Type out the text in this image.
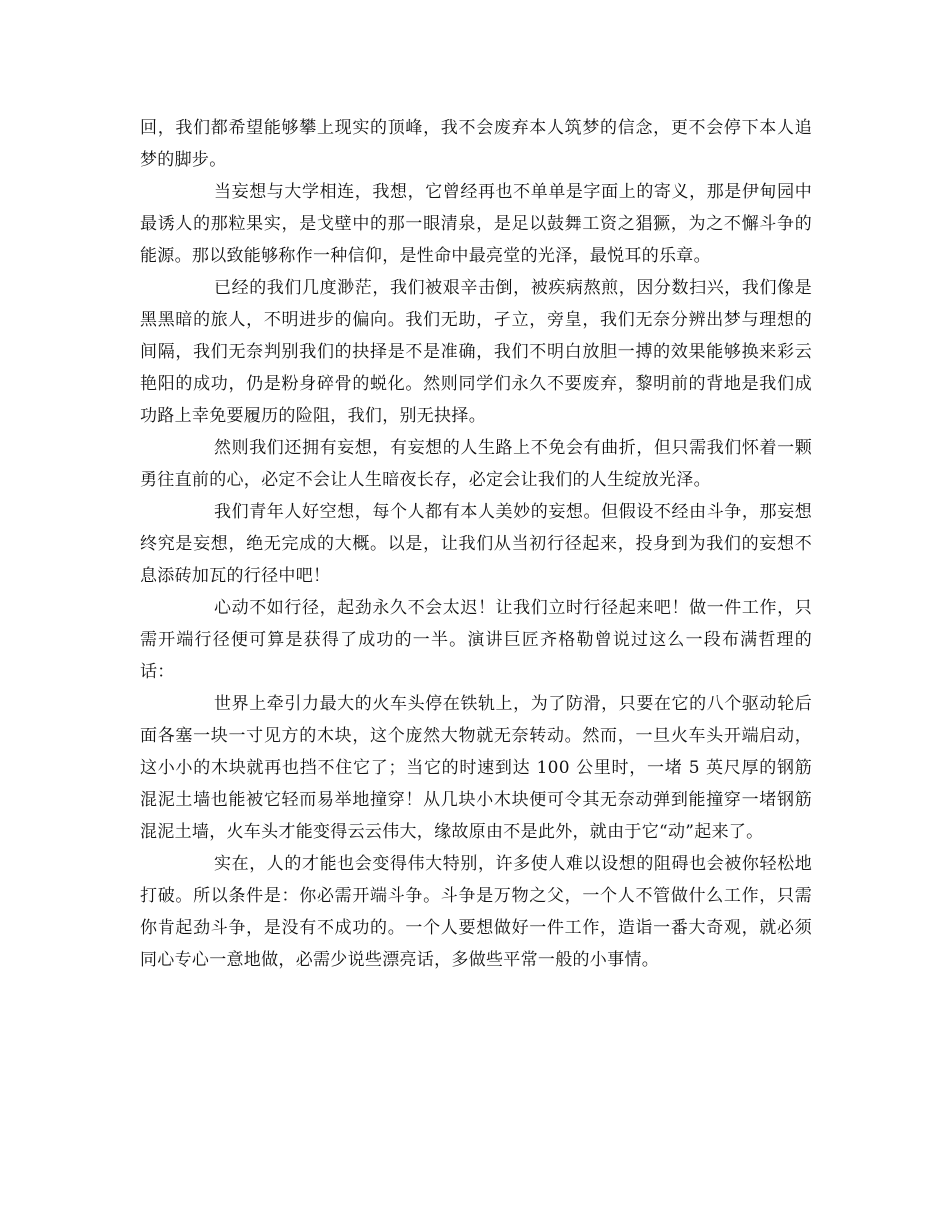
回，我们都希望能够攀上现实的顶峰，我不会废弃本人筑梦的信念，更不会停下本人追梦的脚步。

当妄想与大学相连，我想，它曾经再也不单单是字面上的寄义，那是伊甸园中最诱人的那粒果实，是戈壁中的那一眼清泉，是足以鼓舞工资之猖獗，为之不懈斗争的能源。那以致能够称作一种信仰，是性命中最亮堂的光泽，最悦耳的乐章。

已经的我们几度渺茫，我们被艰辛击倒，被疾病熬煎，因分数扫兴，我们像是黑黑暗的旅人，不明进步的偏向。我们无助，孑立，旁皇，我们无奈分辨出梦与理想的间隔，我们无奈判别我们的抉择是不是准确，我们不明白放胆一搏的效果能够换来彩云艳阳的成功，仍是粉身碎骨的蜕化。然则同学们永久不要废弃，黎明前的背地是我们成功路上幸免要履历的险阻，我们，别无抉择。

然则我们还拥有妄想，有妄想的人生路上不免会有曲折，但只需我们怀着一颗勇往直前的心，必定不会让人生暗夜长存，必定会让我们的人生绽放光泽。

我们青年人好空想，每个人都有本人美妙的妄想。但假设不经由斗争，那妄想终究是妄想，绝无完成的大概。以是，让我们从当初行径起来，投身到为我们的妄想不息添砖加瓦的行径中吧！

心动不如行径，起劲永久不会太迟！让我们立时行径起来吧！做一件工作，只需开端行径便可算是获得了成功的一半。演讲巨匠齐格勒曾说过这么一段布满哲理的话：

世界上牵引力最大的火车头停在铁轨上，为了防滑，只要在它的八个驱动轮后面各塞一块一寸见方的木块，这个庞然大物就无奈转动。然而，一旦火车头开端启动，这小小的木块就再也挡不住它了；当它的时速到达 100 公里时，一堵 5 英尺厚的钢筋混泥土墙也能被它轻而易举地撞穿！从几块小木块便可令其无奈动弹到能撞穿一堵钢筋混泥土墙，火车头才能变得云云伟大，缘故原由不是此外，就由于它“动”起来了。

实在，人的才能也会变得伟大特别，许多使人难以设想的阻碍也会被你轻松地打破。所以条件是：你必需开端斗争。斗争是万物之父，一个人不管做什么工作，只需你肯起劲斗争，是没有不成功的。一个人要想做好一件工作，造诣一番大奇观，就必须同心专心一意地做，必需少说些漂亮话，多做些平常一般的小事情。
